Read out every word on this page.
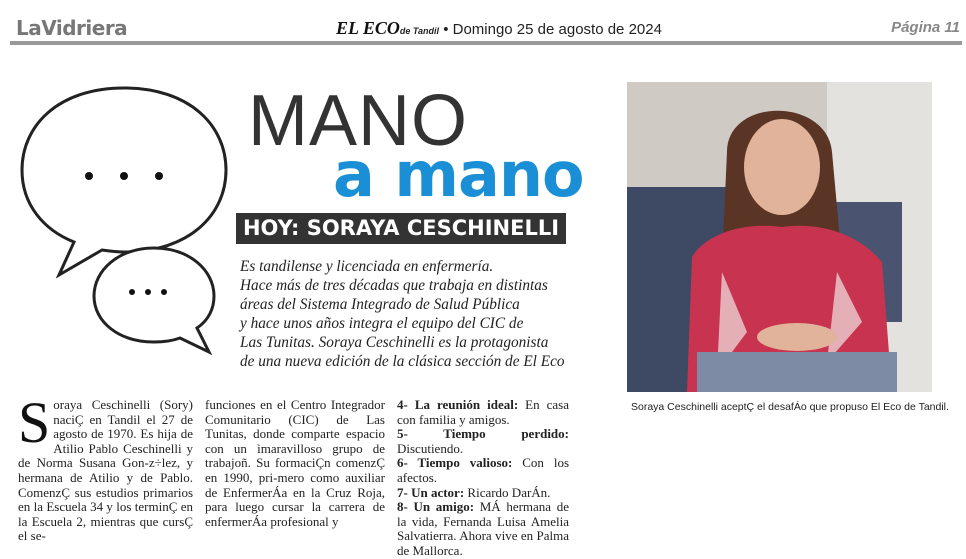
LaVidriera	EL ECOde Tandil • Domingo 25 de agosto de 2024	Página 11
MANO
a mano
HOY: SORAYA CESCHINELLI
Es tandilense y licenciada en enfermería.
Hace más de tres décadas que trabaja en distintas
áreas del Sistema Integrado de Salud Pública
y hace unos años integra el equipo del CIC de
Las Tunitas. Soraya Ceschinelli es la protagonista
de una nueva edición de la clásica sección de El Eco
Soraya Ceschinelli aceptÇ el desafÁo que propuso El Eco de Tandil.
Soraya Ceschinelli (Sory) naciÇ en Tandil el 27 de agosto de 1970. Es hija de Atilio Pablo Ceschinelli y de Norma Susana Gon-z÷lez, y hermana de Atilio y de Pablo. ComenzÇ sus estudios primarios en la Escuela 34 y los terminÇ en la Escuela 2, mientras que cursÇ el se-
funciones en el Centro Integrador Comunitario (CIC) de Las Tunitas, donde comparte espacio con un ìmaravilloso grupo de trabajoñ. Su formaciÇn comenzÇ en 1990, pri-mero como auxiliar de EnfermerÁa en la Cruz Roja, para luego cursar la carrera de enfermerÁa profesional y

4- La reunión ideal: En casa con familia y amigos.

5- Tiempo perdido: Discutiendo.

6- Tiempo valioso: Con los afectos.

7- Un actor: Ricardo DarÁn.

8- Un amigo: MÁ hermana de la vida, Fernanda Luisa Amelia Salvatierra. Ahora vive en Palma de Mallorca.
